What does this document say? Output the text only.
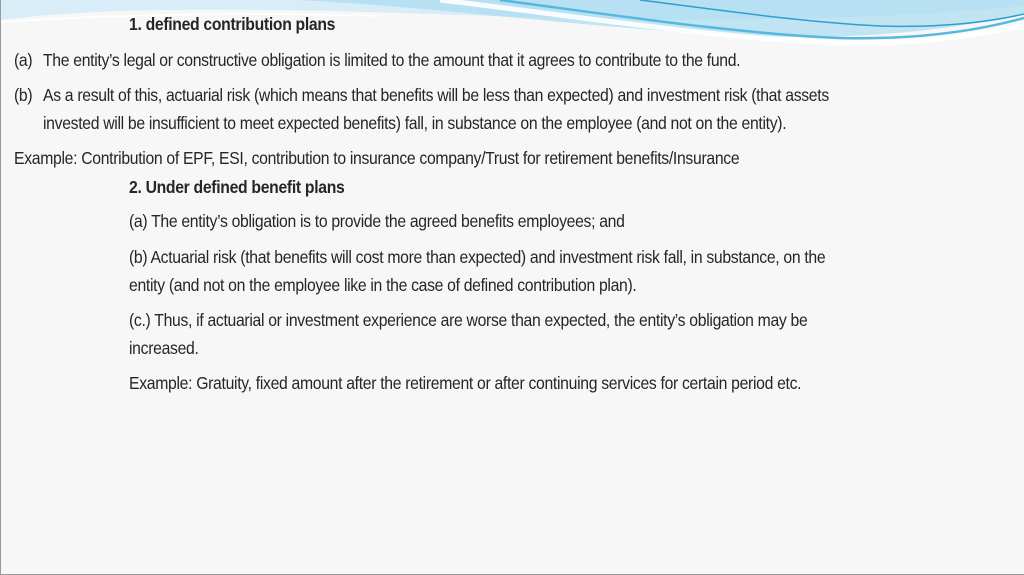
1. defined contribution plans
(a) The entity’s legal or constructive obligation is limited to the amount that it agrees to contribute to the fund.
(b) As a result of this, actuarial risk (which means that benefits will be less than expected) and investment risk (that assets
invested will be insufficient to meet expected benefits) fall, in substance on the employee (and not on the entity).
Example: Contribution of EPF, ESI, contribution to insurance company/Trust for retirement benefits/Insurance
2. Under defined benefit plans
(a) The entity’s obligation is to provide the agreed benefits employees; and
(b) Actuarial risk (that benefits will cost more than expected) and investment risk fall, in substance, on the
entity (and not on the employee like in the case of defined contribution plan).
(c.) Thus, if actuarial or investment experience are worse than expected, the entity’s obligation may be
increased.
Example: Gratuity, fixed amount after the retirement or after continuing services for certain period etc.
